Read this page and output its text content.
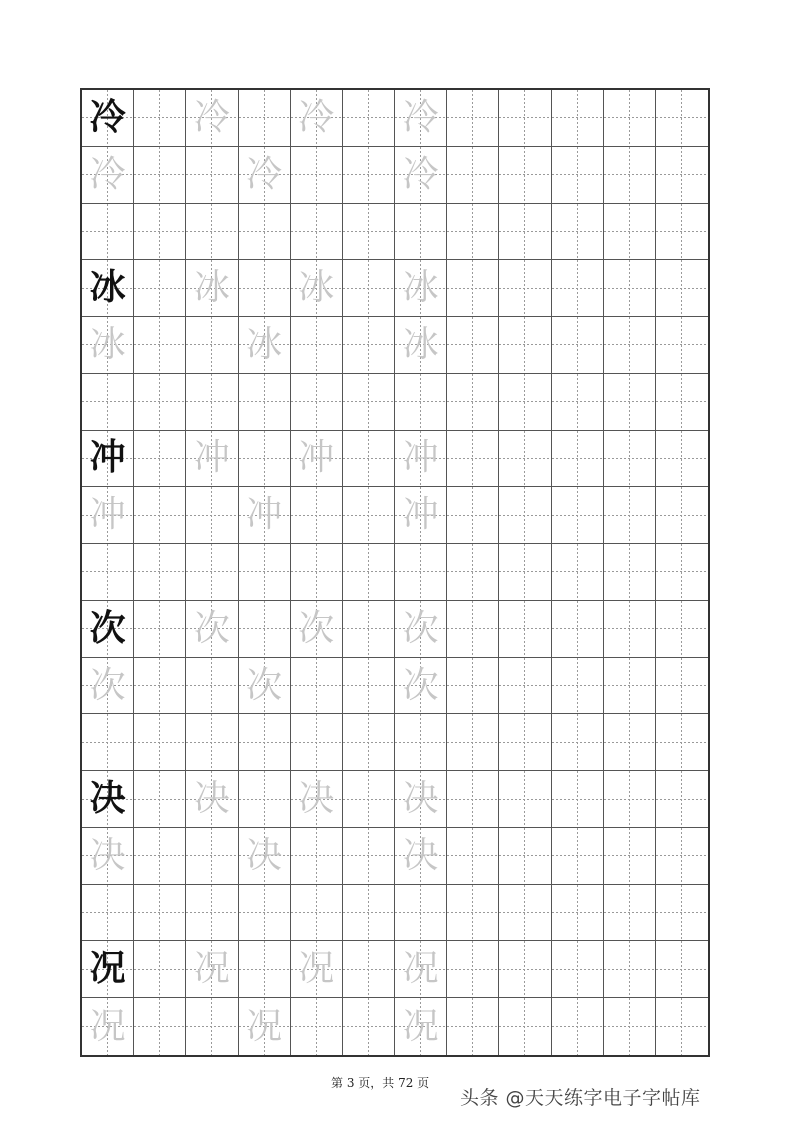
冷 冷 冷 冷
冷	冷	冷
冰 冰 冰 冰
冰	冰	冰
冲 冲 冲 冲
冲	冲	冲
次 次 次 次
次	次	次
决 决 决 决
决	决	决
况 况 况 况
况	况	况
第 3 页，共 72 页
头条 @天天练字电子字帖库
